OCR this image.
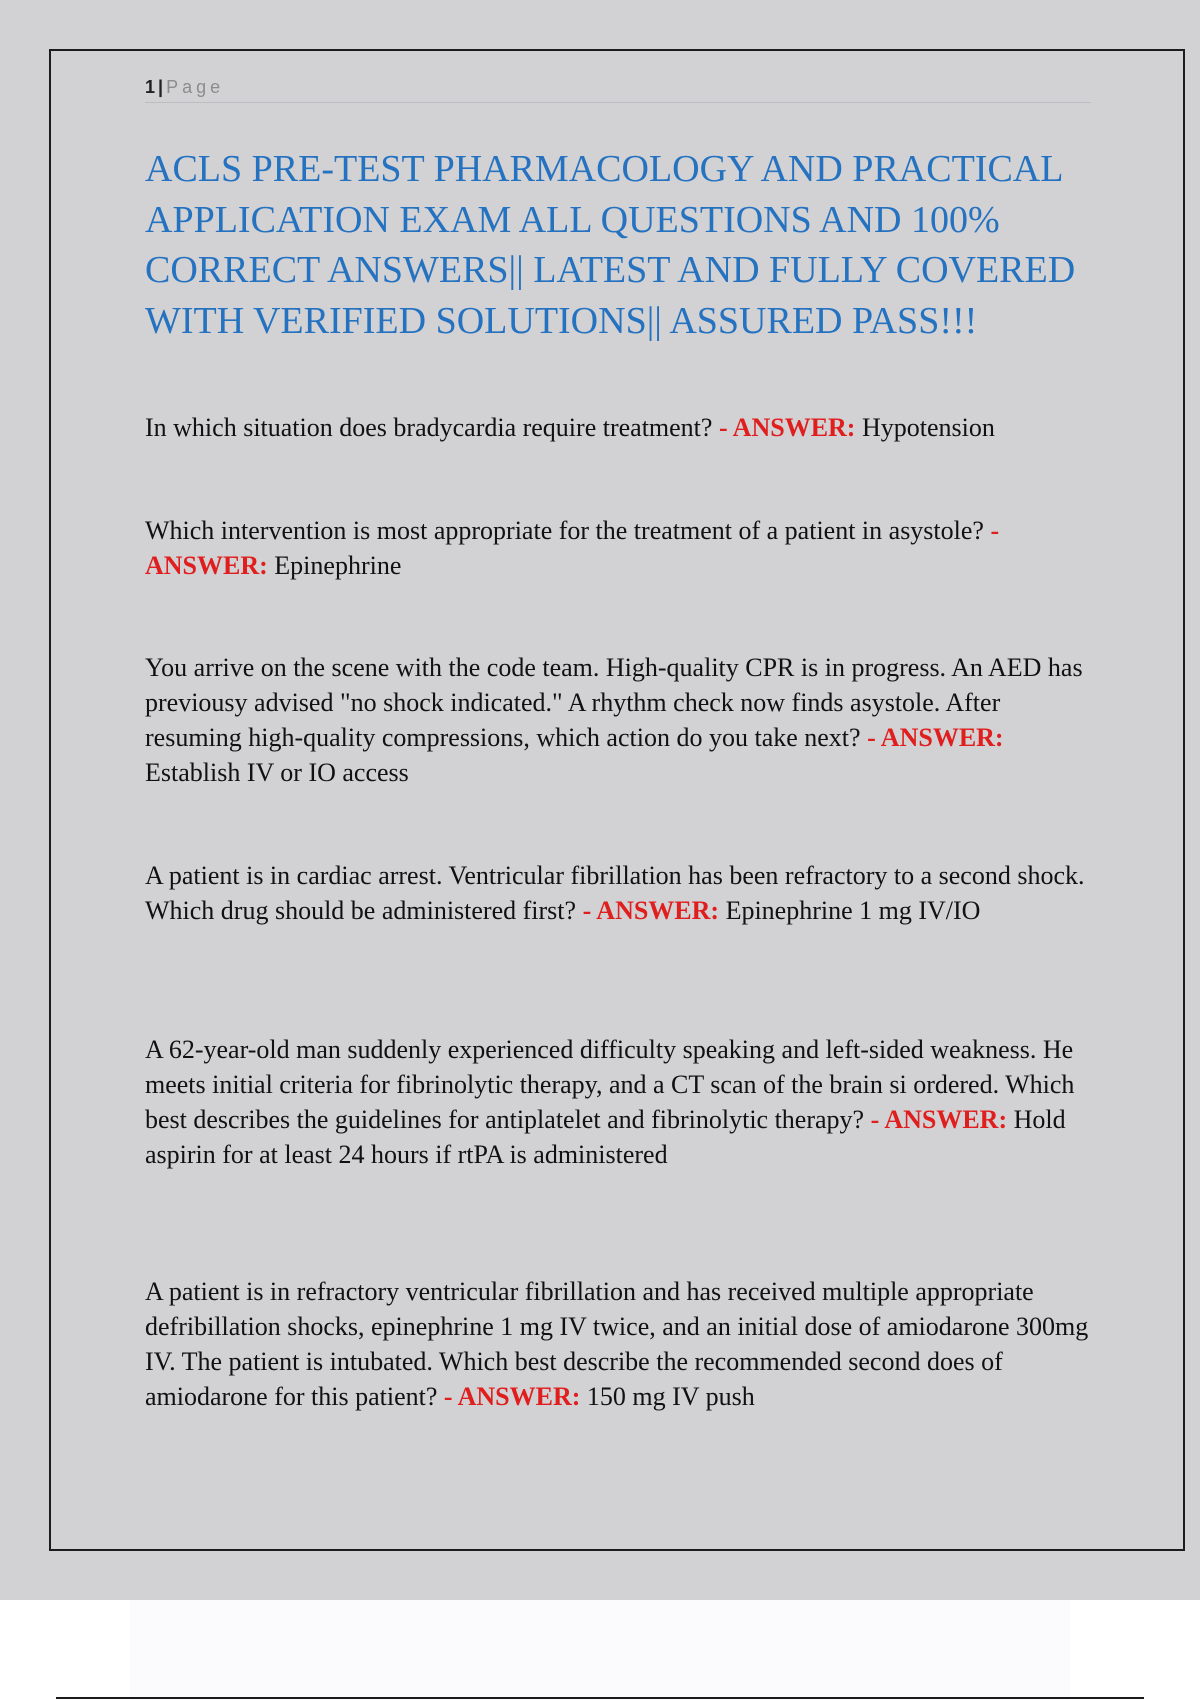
1 | Page
ACLS PRE-TEST PHARMACOLOGY AND PRACTICAL APPLICATION EXAM ALL QUESTIONS AND 100% CORRECT ANSWERS|| LATEST AND FULLY COVERED WITH VERIFIED SOLUTIONS|| ASSURED PASS!!!

In which situation does bradycardia require treatment? - ANSWER: Hypotension

Which intervention is most appropriate for the treatment of a patient in asystole? - ANSWER: Epinephrine

You arrive on the scene with the code team. High-quality CPR is in progress. An AED has previousy advised "no shock indicated." A rhythm check now finds asystole. After resuming high-quality compressions, which action do you take next? - ANSWER: Establish IV or IO access

A patient is in cardiac arrest. Ventricular fibrillation has been refractory to a second shock. Which drug should be administered first? - ANSWER: Epinephrine 1 mg IV/IO

A 62-year-old man suddenly experienced difficulty speaking and left-sided weakness. He meets initial criteria for fibrinolytic therapy, and a CT scan of the brain si ordered. Which best describes the guidelines for antiplatelet and fibrinolytic therapy? - ANSWER: Hold aspirin for at least 24 hours if rtPA is administered

A patient is in refractory ventricular fibrillation and has received multiple appropriate defribillation shocks, epinephrine 1 mg IV twice, and an initial dose of amiodarone 300mg IV. The patient is intubated. Which best describe the recommended second does of amiodarone for this patient? - ANSWER: 150 mg IV push
